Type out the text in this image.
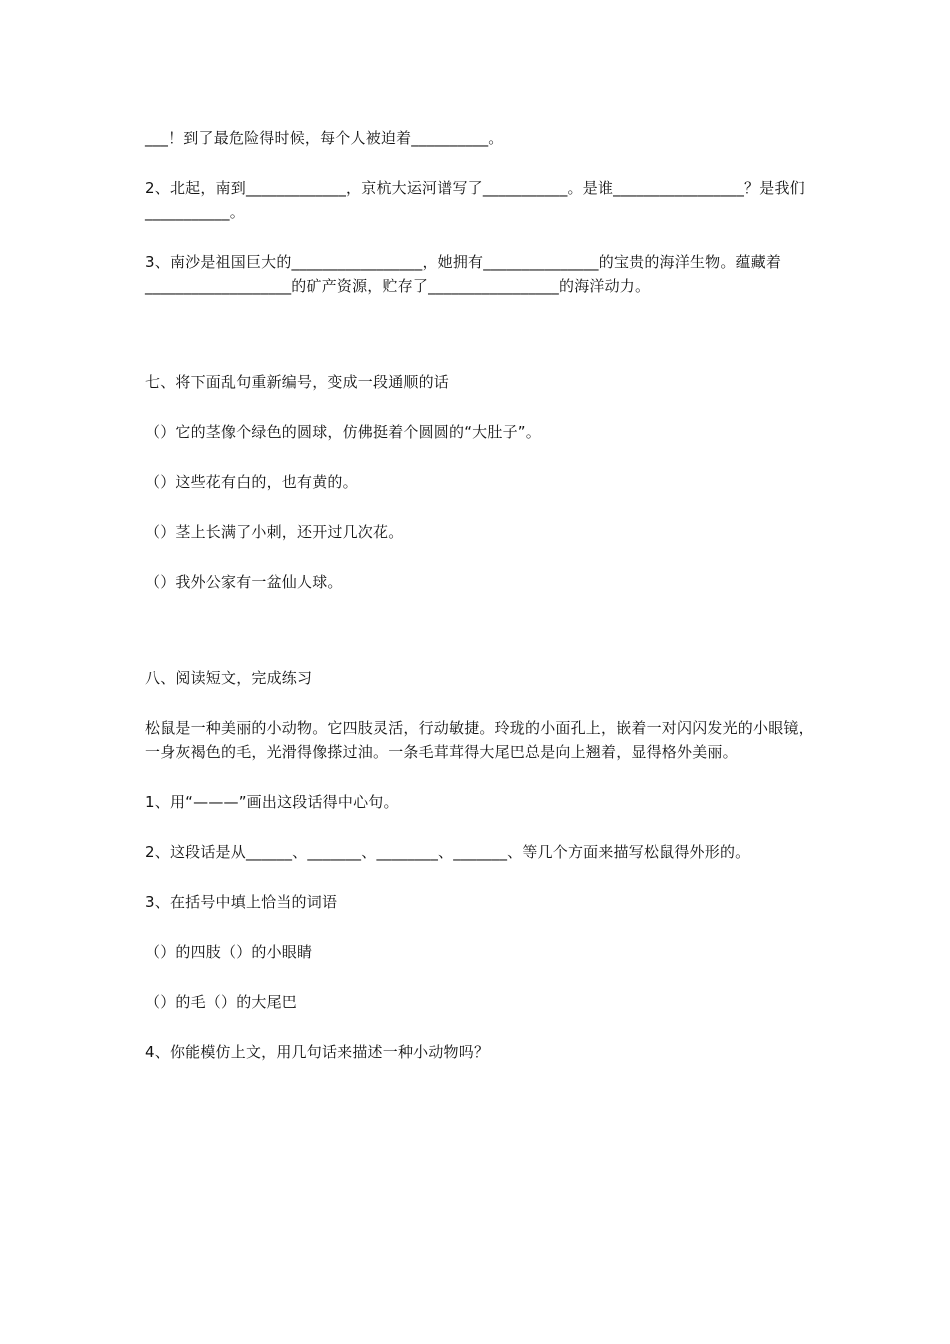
___！到了最危险得时候，每个人被迫着__________。

2、北起，南到_____________，京杭大运河谱写了___________。是谁_________________？是我们___________。

3、南沙是祖国巨大的_________________，她拥有_______________的宝贵的海洋生物。蕴藏着___________________的矿产资源，贮存了_________________的海洋动力。

七、将下面乱句重新编号，变成一段通顺的话

（）它的茎像个绿色的圆球，仿佛挺着个圆圆的“大肚子”。

（）这些花有白的，也有黄的。

（）茎上长满了小刺，还开过几次花。

（）我外公家有一盆仙人球。

八、阅读短文，完成练习

松鼠是一种美丽的小动物。它四肢灵活，行动敏捷。玲珑的小面孔上，嵌着一对闪闪发光的小眼镜，一身灰褐色的毛，光滑得像搽过油。一条毛茸茸得大尾巴总是向上翘着，显得格外美丽。

1、用“———”画出这段话得中心句。

2、这段话是从______、_______、________、_______、等几个方面来描写松鼠得外形的。

3、在括号中填上恰当的词语

（）的四肢（）的小眼睛

（）的毛（）的大尾巴

4、你能模仿上文，用几句话来描述一种小动物吗？
